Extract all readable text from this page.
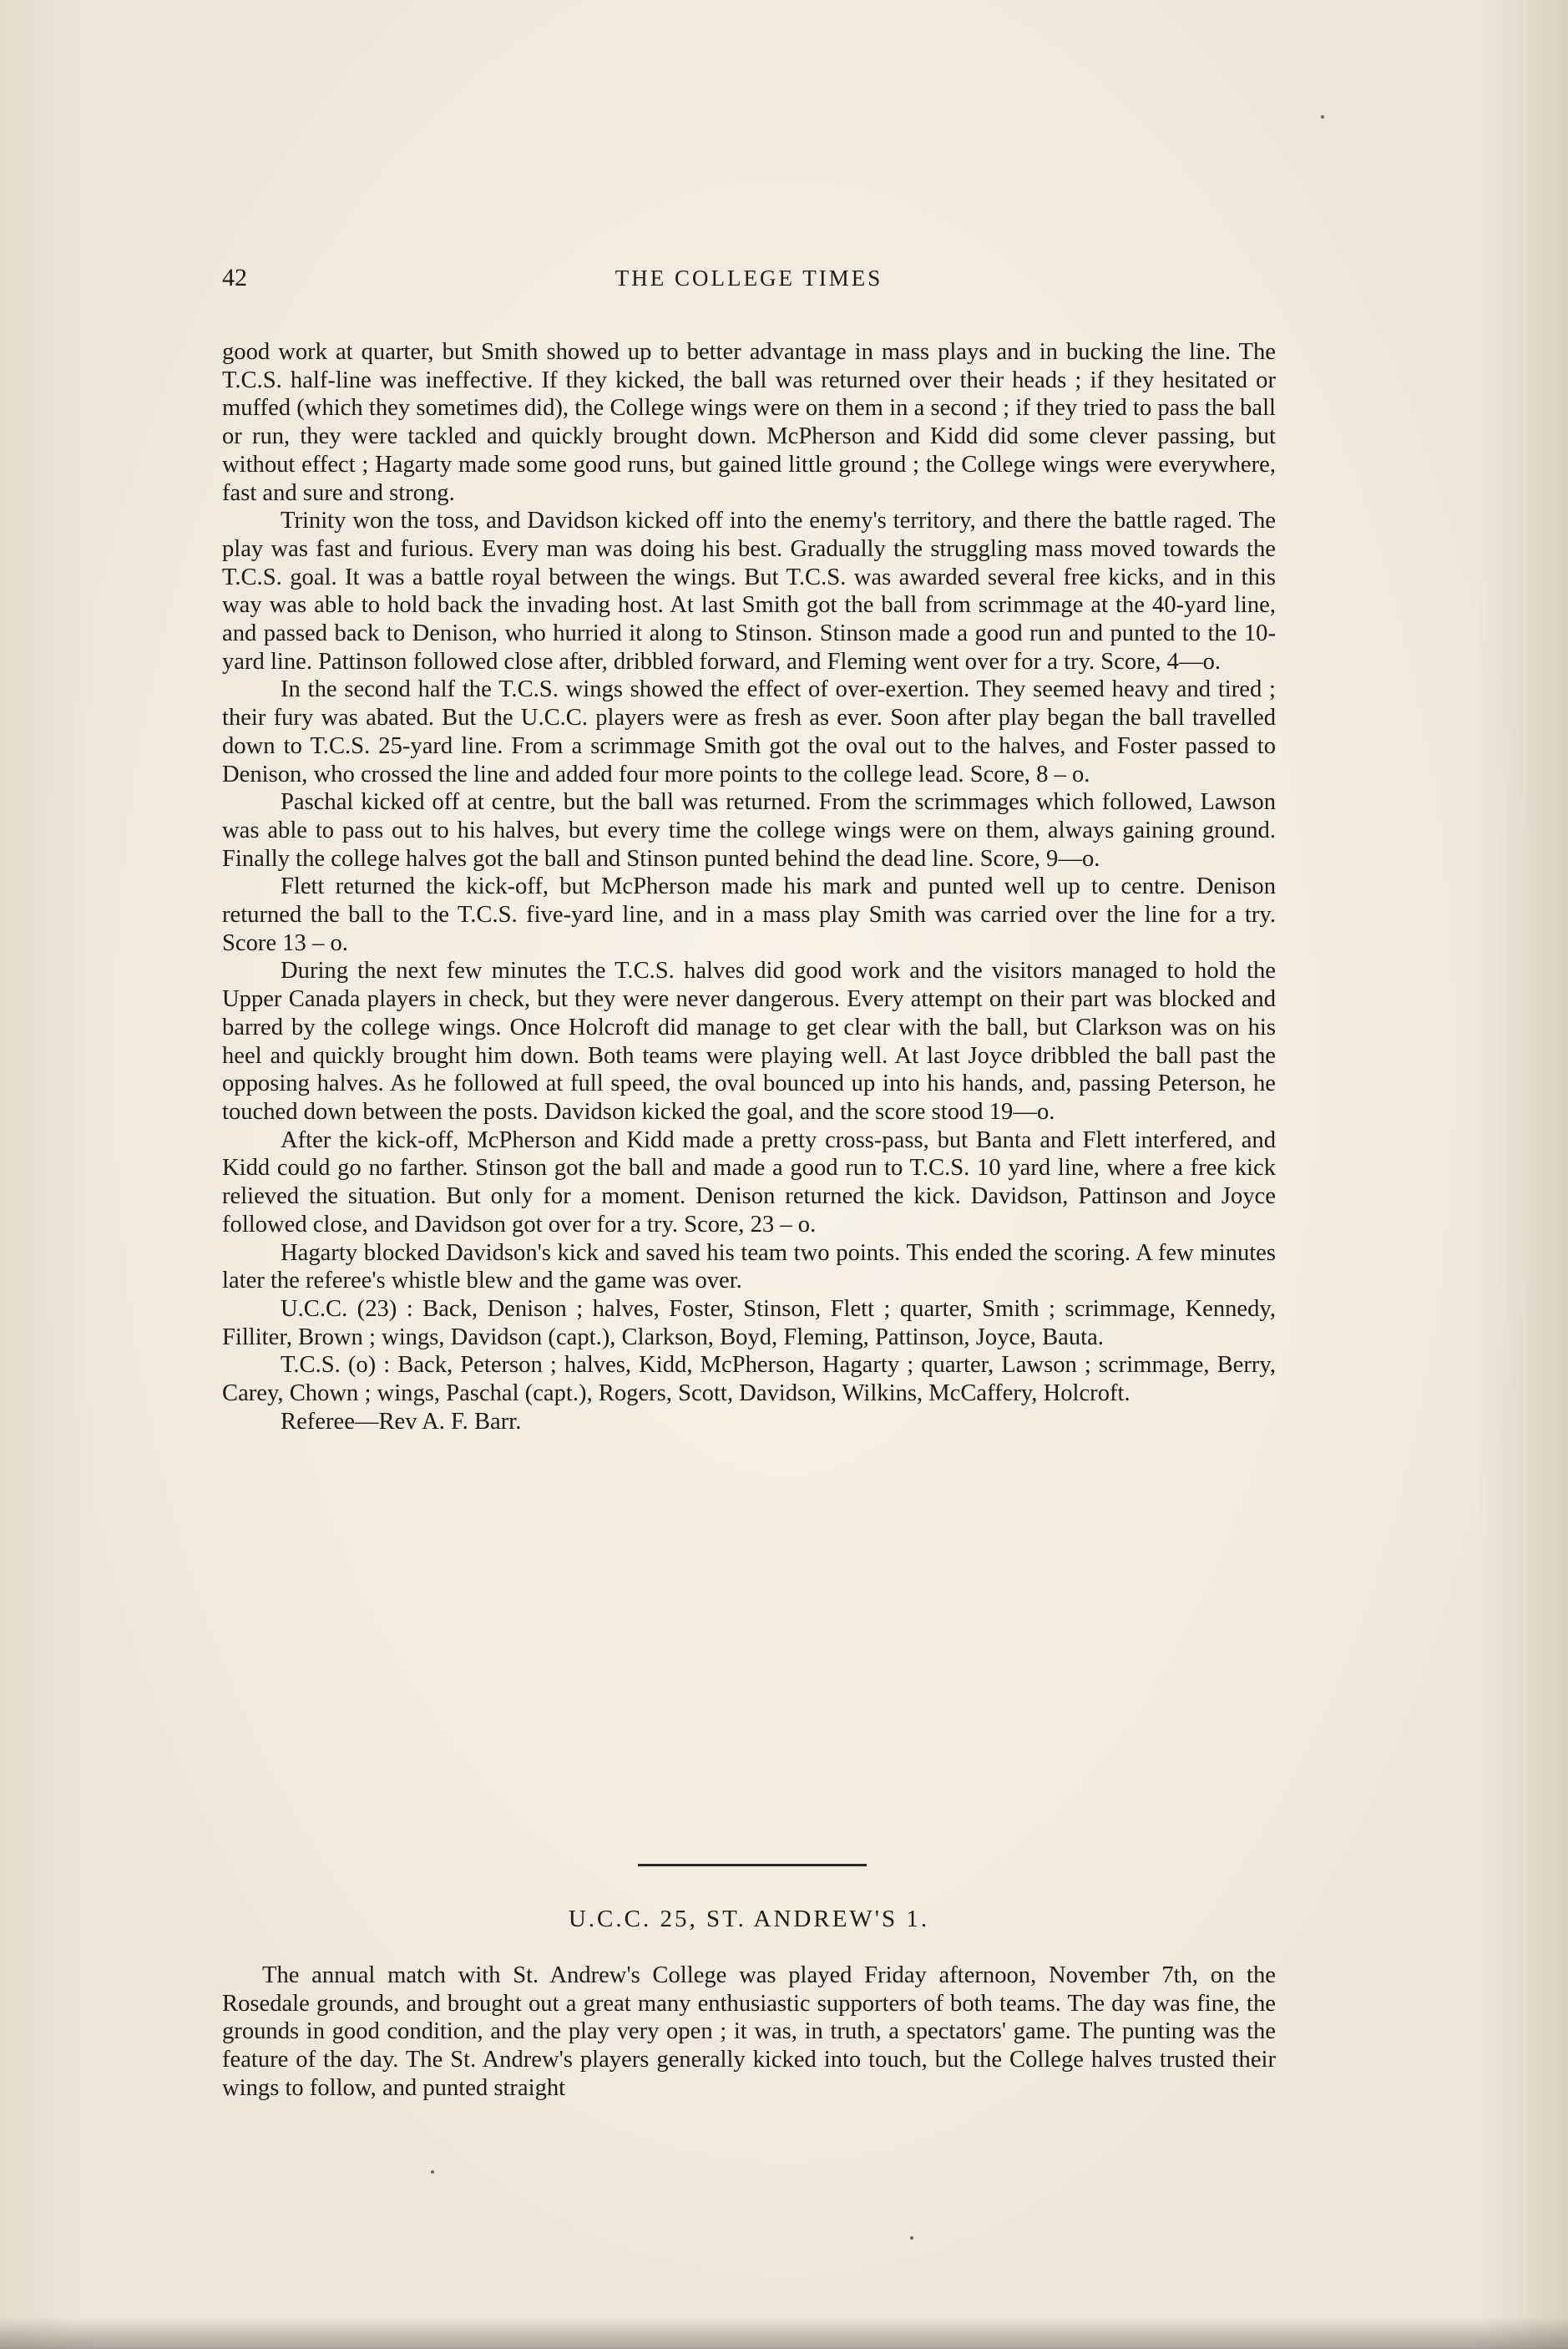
42	THE COLLEGE TIMES

good work at quarter, but Smith showed up to better advantage in mass plays and in bucking the line. The T.C.S. half-line was ineffective. If they kicked, the ball was returned over their heads ; if they hesitated or muffed (which they sometimes did), the College wings were on them in a second ; if they tried to pass the ball or run, they were tackled and quickly brought down. McPherson and Kidd did some clever passing, but without effect ; Hagarty made some good runs, but gained little ground ; the College wings were everywhere, fast and sure and strong.

Trinity won the toss, and Davidson kicked off into the enemy's territory, and there the battle raged. The play was fast and furious. Every man was doing his best. Gradually the struggling mass moved towards the T.C.S. goal. It was a battle royal between the wings. But T.C.S. was awarded several free kicks, and in this way was able to hold back the invading host. At last Smith got the ball from scrimmage at the 40-yard line, and passed back to Denison, who hurried it along to Stinson. Stinson made a good run and punted to the 10-yard line. Pattinson followed close after, dribbled forward, and Fleming went over for a try. Score, 4—o.

In the second half the T.C.S. wings showed the effect of over-exertion. They seemed heavy and tired ; their fury was abated. But the U.C.C. players were as fresh as ever. Soon after play began the ball travelled down to T.C.S. 25-yard line. From a scrimmage Smith got the oval out to the halves, and Foster passed to Denison, who crossed the line and added four more points to the college lead. Score, 8 – o.

Paschal kicked off at centre, but the ball was returned. From the scrimmages which followed, Lawson was able to pass out to his halves, but every time the college wings were on them, always gaining ground. Finally the college halves got the ball and Stinson punted behind the dead line. Score, 9—o.

Flett returned the kick-off, but McPherson made his mark and punted well up to centre. Denison returned the ball to the T.C.S. five-yard line, and in a mass play Smith was carried over the line for a try. Score 13 – o.

During the next few minutes the T.C.S. halves did good work and the visitors managed to hold the Upper Canada players in check, but they were never dangerous. Every attempt on their part was blocked and barred by the college wings. Once Holcroft did manage to get clear with the ball, but Clarkson was on his heel and quickly brought him down. Both teams were playing well. At last Joyce dribbled the ball past the opposing halves. As he followed at full speed, the oval bounced up into his hands, and, passing Peterson, he touched down between the posts. Davidson kicked the goal, and the score stood 19—o.

After the kick-off, McPherson and Kidd made a pretty cross-pass, but Banta and Flett interfered, and Kidd could go no farther. Stinson got the ball and made a good run to T.C.S. 10 yard line, where a free kick relieved the situation. But only for a moment. Denison returned the kick. Davidson, Pattinson and Joyce followed close, and Davidson got over for a try. Score, 23 – o.

Hagarty blocked Davidson's kick and saved his team two points. This ended the scoring. A few minutes later the referee's whistle blew and the game was over.

U.C.C. (23) : Back, Denison ; halves, Foster, Stinson, Flett ; quarter, Smith ; scrimmage, Kennedy, Filliter, Brown ; wings, Davidson (capt.), Clarkson, Boyd, Fleming, Pattinson, Joyce, Bauta.

T.C.S. (o) : Back, Peterson ; halves, Kidd, McPherson, Hagarty ; quarter, Lawson ; scrimmage, Berry, Carey, Chown ; wings, Paschal (capt.), Rogers, Scott, Davidson, Wilkins, McCaffery, Holcroft.

Referee—Rev A. F. Barr.

U.C.C. 25, ST. ANDREW'S 1.

The annual match with St. Andrew's College was played Friday afternoon, November 7th, on the Rosedale grounds, and brought out a great many enthusiastic supporters of both teams. The day was fine, the grounds in good condition, and the play very open ; it was, in truth, a spectators' game. The punting was the feature of the day. The St. Andrew's players generally kicked into touch, but the College halves trusted their wings to follow, and punted straight
